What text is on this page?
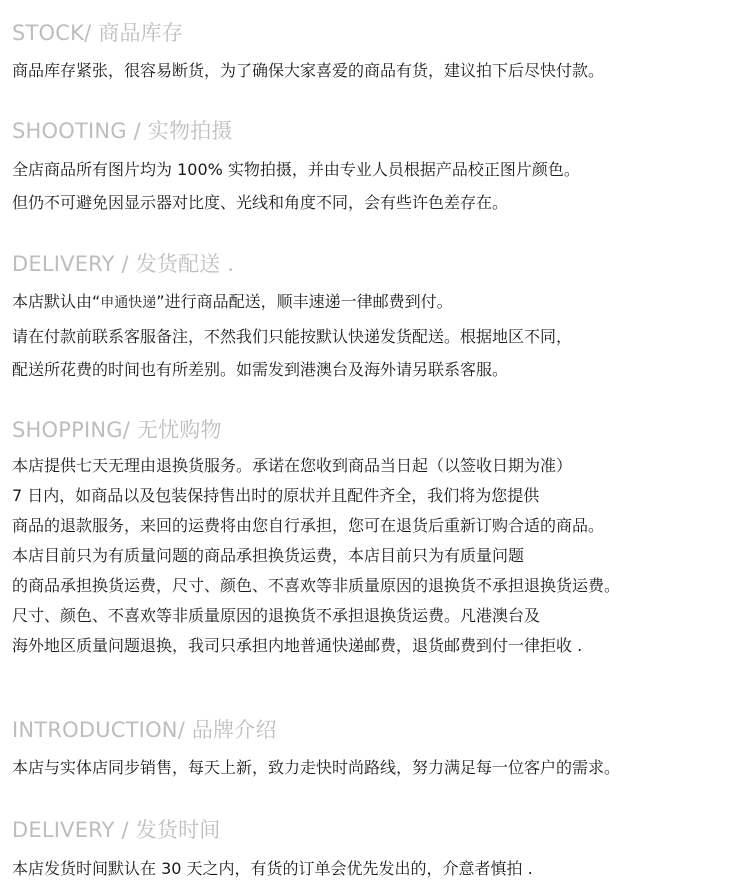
STOCK/ 商品库存

商品库存紧张，很容易断货，为了确保大家喜爱的商品有货，建议拍下后尽快付款。

SHOOTING / 实物拍摄

全店商品所有图片均为 100% 实物拍摄，并由专业人员根据产品校正图片颜色。

但仍不可避免因显示器对比度、光线和角度不同，会有些许色差存在。

DELIVERY / 发货配送 .

本店默认由“申通快递”进行商品配送，顺丰速递一律邮费到付。

请在付款前联系客服备注，不然我们只能按默认快递发货配送。根据地区不同，

配送所花费的时间也有所差别。如需发到港澳台及海外请另联系客服。

SHOPPING/ 无忧购物

本店提供七天无理由退换货服务。承诺在您收到商品当日起（以签收日期为准）

7 日内，如商品以及包装保持售出时的原状并且配件齐全，我们将为您提供

商品的退款服务，来回的运费将由您自行承担，您可在退货后重新订购合适的商品。

本店目前只为有质量问题的商品承担换货运费，本店目前只为有质量问题

的商品承担换货运费，尺寸、颜色、不喜欢等非质量原因的退换货不承担退换货运费。

尺寸、颜色、不喜欢等非质量原因的退换货不承担退换货运费。凡港澳台及

海外地区质量问题退换，我司只承担内地普通快递邮费，退货邮费到付一律拒收 .

INTRODUCTION/ 品牌介绍

本店与实体店同步销售，每天上新，致力走快时尚路线，努力满足每一位客户的需求。

DELIVERY / 发货时间

本店发货时间默认在 30 天之内，有货的订单会优先发出的，介意者慎拍 .
